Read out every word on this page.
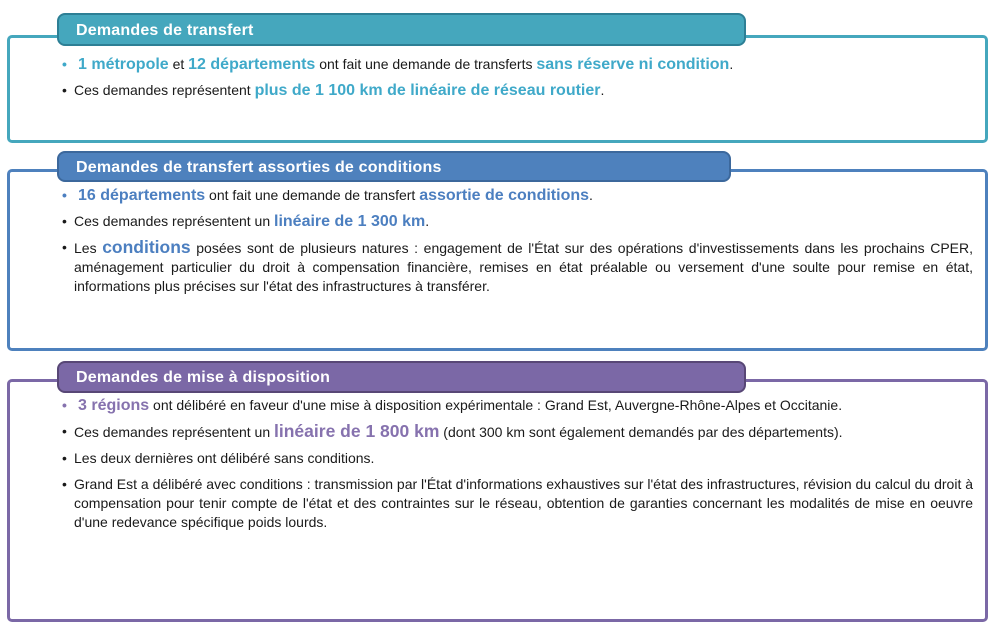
Demandes de transfert
• 1 métropole et 12 départements ont fait une demande de transferts sans réserve ni condition.
• Ces demandes représentent plus de 1 100 km de linéaire de réseau routier.
Demandes de transfert assorties de conditions
• 16 départements ont fait une demande de transfert assortie de conditions.
• Ces demandes représentent un linéaire de 1 300 km.
• Les conditions posées sont de plusieurs natures : engagement de l'État sur des opérations d'investissements dans les prochains CPER, aménagement particulier du droit à compensation financière, remises en état préalable ou versement d'une soulte pour remise en état, informations plus précises sur l'état des infrastructures à transférer.
Demandes de mise à disposition
• 3 régions ont délibéré en faveur d'une mise à disposition expérimentale : Grand Est, Auvergne-Rhône-Alpes et Occitanie.
• Ces demandes représentent un linéaire de 1 800 km (dont 300 km sont également demandés par des départements).
• Les deux dernières ont délibéré sans conditions.
• Grand Est a délibéré avec conditions : transmission par l'État d'informations exhaustives sur l'état des infrastructures, révision du calcul du droit à compensation pour tenir compte de l'état et des contraintes sur le réseau, obtention de garanties concernant les modalités de mise en oeuvre d'une redevance spécifique poids lourds.
